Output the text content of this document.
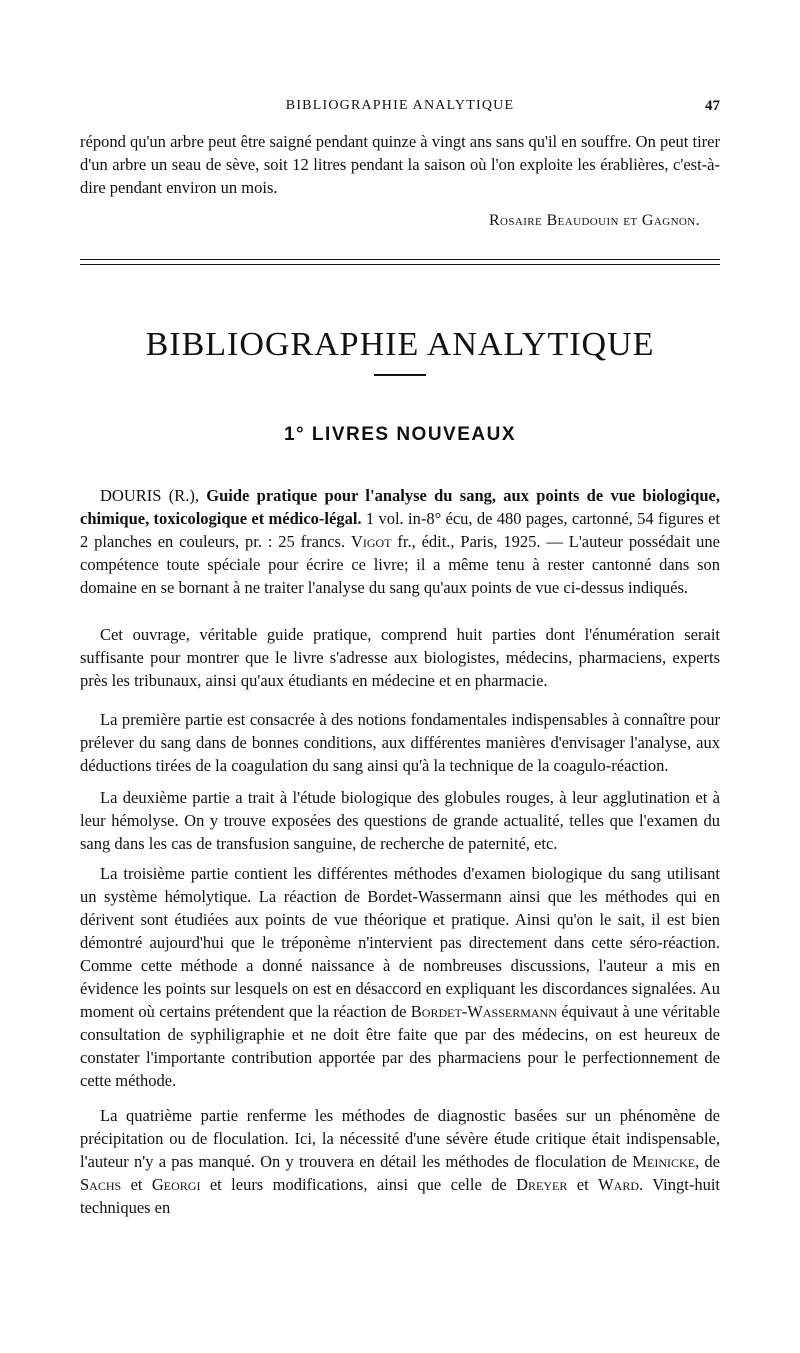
BIBLIOGRAPHIE ANALYTIQUE	47

répond qu'un arbre peut être saigné pendant quinze à vingt ans sans qu'il en souffre. On peut tirer d'un arbre un seau de sève, soit 12 litres pendant la saison où l'on exploite les érablières, c'est-à-dire pendant environ un mois.

Rosaire Beaudouin et Gagnon.
BIBLIOGRAPHIE ANALYTIQUE
1° LIVRES NOUVEAUX

DOURIS (R.), Guide pratique pour l'analyse du sang, aux points de vue biologique, chimique, toxicologique et médico-légal. 1 vol. in-8° écu, de 480 pages, cartonné, 54 figures et 2 planches en couleurs, pr. : 25 francs. Vigot fr., édit., Paris, 1925. — L'auteur possédait une compétence toute spéciale pour écrire ce livre; il a même tenu à rester cantonné dans son domaine en se bornant à ne traiter l'analyse du sang qu'aux points de vue ci-dessus indiqués.

Cet ouvrage, véritable guide pratique, comprend huit parties dont l'énumération serait suffisante pour montrer que le livre s'adresse aux biologistes, médecins, pharmaciens, experts près les tribunaux, ainsi qu'aux étudiants en médecine et en pharmacie.

La première partie est consacrée à des notions fondamentales indispensables à connaître pour prélever du sang dans de bonnes conditions, aux différentes manières d'envisager l'analyse, aux déductions tirées de la coagulation du sang ainsi qu'à la technique de la coagulo-réaction.

La deuxième partie a trait à l'étude biologique des globules rouges, à leur agglutination et à leur hémolyse. On y trouve exposées des questions de grande actualité, telles que l'examen du sang dans les cas de transfusion sanguine, de recherche de paternité, etc.

La troisième partie contient les différentes méthodes d'examen biologique du sang utilisant un système hémolytique. La réaction de Bordet-Wassermann ainsi que les méthodes qui en dérivent sont étudiées aux points de vue théorique et pratique. Ainsi qu'on le sait, il est bien démontré aujourd'hui que le tréponème n'intervient pas directement dans cette séro-réaction. Comme cette méthode a donné naissance à de nombreuses discussions, l'auteur a mis en évidence les points sur lesquels on est en désaccord en expliquant les discordances signalées. Au moment où certains prétendent que la réaction de Bordet-Wassermann équivaut à une véritable consultation de syphiligraphie et ne doit être faite que par des médecins, on est heureux de constater l'importante contribution apportée par des pharmaciens pour le perfectionnement de cette méthode.

La quatrième partie renferme les méthodes de diagnostic basées sur un phénomène de précipitation ou de floculation. Ici, la nécessité d'une sévère étude critique était indispensable, l'auteur n'y a pas manqué. On y trouvera en détail les méthodes de floculation de Meinicke, de Sachs et Georgi et leurs modifications, ainsi que celle de Dreyer et Ward. Vingt-huit techniques en
